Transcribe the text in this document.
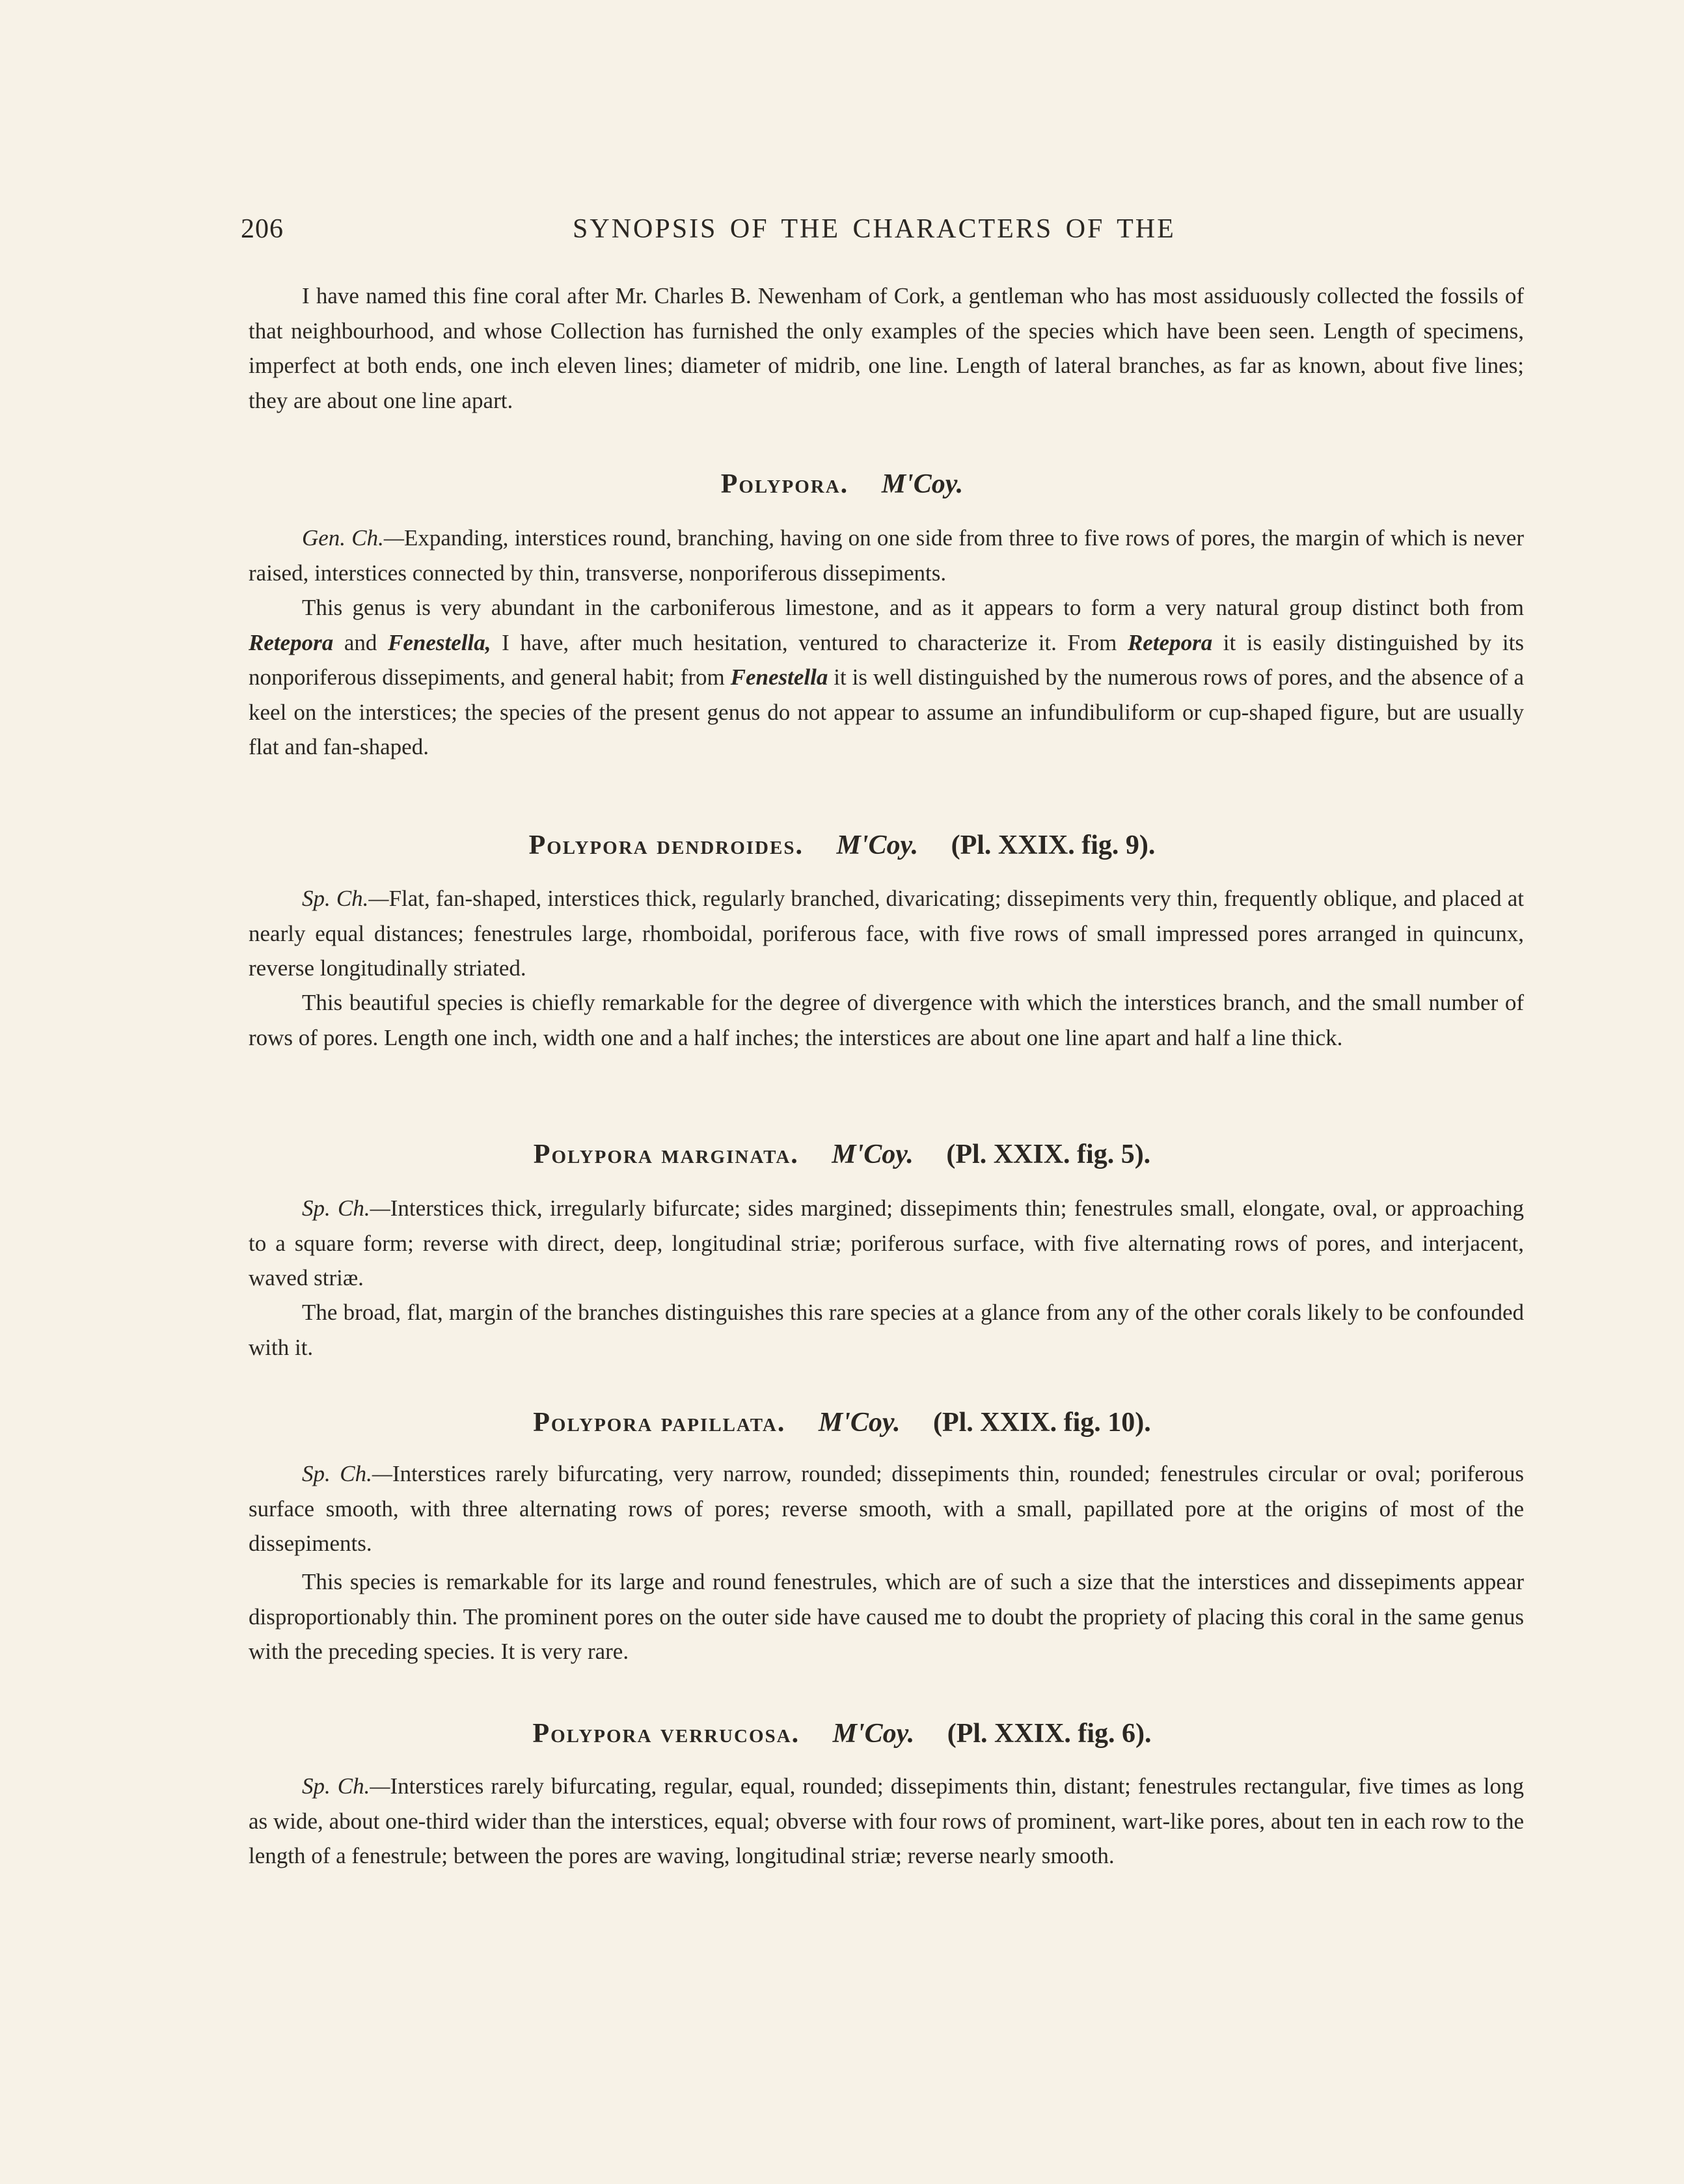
206	SYNOPSIS OF THE CHARACTERS OF THE

I have named this fine coral after Mr. Charles B. Newenham of Cork, a gentleman who has most assiduously collected the fossils of that neighbourhood, and whose Collection has furnished the only examples of the species which have been seen. Length of specimens, imperfect at both ends, one inch eleven lines; diameter of midrib, one line. Length of lateral branches, as far as known, about five lines; they are about one line apart.

Polypora. M'Coy.

Gen. Ch.—Expanding, interstices round, branching, having on one side from three to five rows of pores, the margin of which is never raised, interstices connected by thin, transverse, nonporiferous dissepiments.

This genus is very abundant in the carboniferous limestone, and as it appears to form a very natural group distinct both from Retepora and Fenestella, I have, after much hesitation, ventured to characterize it. From Retepora it is easily distinguished by its nonporiferous dissepiments, and general habit; from Fenestella it is well distinguished by the numerous rows of pores, and the absence of a keel on the interstices; the species of the present genus do not appear to assume an infundibuliform or cup-shaped figure, but are usually flat and fan-shaped.

Polypora dendroides. M'Coy. (Pl. XXIX. fig. 9).

Sp. Ch.—Flat, fan-shaped, interstices thick, regularly branched, divaricating; dissepiments very thin, frequently oblique, and placed at nearly equal distances; fenestrules large, rhomboidal, poriferous face, with five rows of small impressed pores arranged in quincunx, reverse longitudinally striated.

This beautiful species is chiefly remarkable for the degree of divergence with which the interstices branch, and the small number of rows of pores. Length one inch, width one and a half inches; the interstices are about one line apart and half a line thick.

Polypora marginata. M'Coy. (Pl. XXIX. fig. 5).

Sp. Ch.—Interstices thick, irregularly bifurcate; sides margined; dissepiments thin; fenestrules small, elongate, oval, or approaching to a square form; reverse with direct, deep, longitudinal striæ; poriferous surface, with five alternating rows of pores, and interjacent, waved striæ.

The broad, flat, margin of the branches distinguishes this rare species at a glance from any of the other corals likely to be confounded with it.

Polypora papillata. M'Coy. (Pl. XXIX. fig. 10).

Sp. Ch.—Interstices rarely bifurcating, very narrow, rounded; dissepiments thin, rounded; fenestrules circular or oval; poriferous surface smooth, with three alternating rows of pores; reverse smooth, with a small, papillated pore at the origins of most of the dissepiments.

This species is remarkable for its large and round fenestrules, which are of such a size that the interstices and dissepiments appear disproportionably thin. The prominent pores on the outer side have caused me to doubt the propriety of placing this coral in the same genus with the preceding species. It is very rare.

Polypora verrucosa. M'Coy. (Pl. XXIX. fig. 6).

Sp. Ch.—Interstices rarely bifurcating, regular, equal, rounded; dissepiments thin, distant; fenestrules rectangular, five times as long as wide, about one-third wider than the interstices, equal; obverse with four rows of prominent, wart-like pores, about ten in each row to the length of a fenestrule; between the pores are waving, longitudinal striæ; reverse nearly smooth.
